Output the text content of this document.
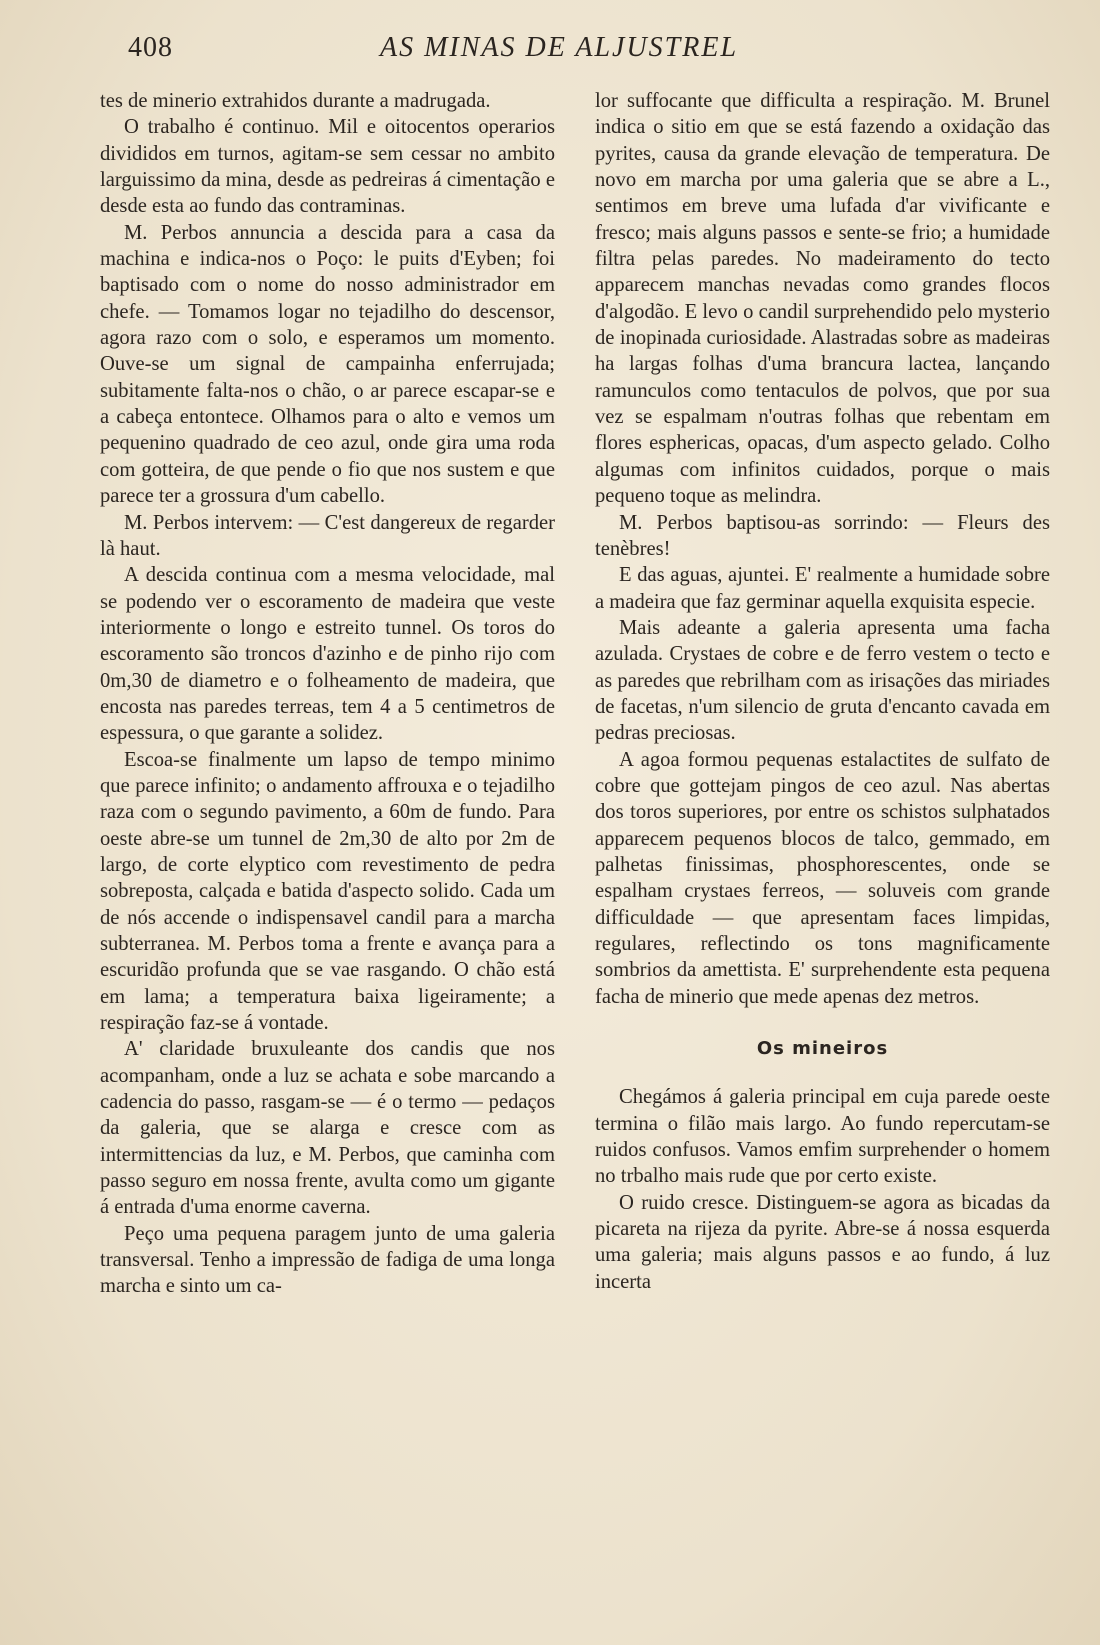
408	AS MINAS DE ALJUSTREL

tes de minerio extrahidos durante a madrugada.

O trabalho é continuo. Mil e oitocentos operarios divididos em turnos, agitam-se sem cessar no ambito larguissimo da mina, desde as pedreiras á cimentação e desde esta ao fundo das contraminas.

M. Perbos annuncia a descida para a casa da machina e indica-nos o Poço: le puits d'Eyben; foi baptisado com o nome do nosso administrador em chefe. — Tomamos logar no tejadilho do descensor, agora razo com o solo, e esperamos um momento. Ouve-se um signal de campainha enferrujada; subitamente falta-nos o chão, o ar parece escapar-se e a cabeça entontece. Olhamos para o alto e vemos um pequenino quadrado de ceo azul, onde gira uma roda com gotteira, de que pende o fio que nos sustem e que parece ter a grossura d'um cabello.

M. Perbos intervem: — C'est dangereux de regarder là haut.

A descida continua com a mesma velocidade, mal se podendo ver o escoramento de madeira que veste interiormente o longo e estreito tunnel. Os toros do escoramento são troncos d'azinho e de pinho rijo com 0m,30 de diametro e o folheamento de madeira, que encosta nas paredes terreas, tem 4 a 5 centimetros de espessura, o que garante a solidez.

Escoa-se finalmente um lapso de tempo minimo que parece infinito; o andamento affrouxa e o tejadilho raza com o segundo pavimento, a 60m de fundo. Para oeste abre-se um tunnel de 2m,30 de alto por 2m de largo, de corte elyptico com revestimento de pedra sobreposta, calçada e batida d'aspecto solido. Cada um de nós accende o indispensavel candil para a marcha subterranea. M. Perbos toma a frente e avança para a escuridão profunda que se vae rasgando. O chão está em lama; a temperatura baixa ligeiramente; a respiração faz-se á vontade.

A' claridade bruxuleante dos candis que nos acompanham, onde a luz se achata e sobe marcando a cadencia do passo, rasgam-se — é o termo — pedaços da galeria, que se alarga e cresce com as intermittencias da luz, e M. Perbos, que caminha com passo seguro em nossa frente, avulta como um gigante á entrada d'uma enorme caverna.

Peço uma pequena paragem junto de uma galeria transversal. Tenho a impressão de fadiga de uma longa marcha e sinto um ca-

lor suffocante que difficulta a respiração. M. Brunel indica o sitio em que se está fazendo a oxidação das pyrites, causa da grande elevação de temperatura. De novo em marcha por uma galeria que se abre a L., sentimos em breve uma lufada d'ar vivificante e fresco; mais alguns passos e sente-se frio; a humidade filtra pelas paredes. No madeiramento do tecto apparecem manchas nevadas como grandes flocos d'algodão. E levo o candil surprehendido pelo mysterio de inopinada curiosidade. Alastradas sobre as madeiras ha largas folhas d'uma brancura lactea, lançando ramunculos como tentaculos de polvos, que por sua vez se espalmam n'outras folhas que rebentam em flores esphericas, opacas, d'um aspecto gelado. Colho algumas com infinitos cuidados, porque o mais pequeno toque as melindra.

M. Perbos baptisou-as sorrindo: — Fleurs des tenèbres!

E das aguas, ajuntei. E' realmente a humidade sobre a madeira que faz germinar aquella exquisita especie.

Mais adeante a galeria apresenta uma facha azulada. Crystaes de cobre e de ferro vestem o tecto e as paredes que rebrilham com as irisações das miriades de facetas, n'um silencio de gruta d'encanto cavada em pedras preciosas.

A agoa formou pequenas estalactites de sulfato de cobre que gottejam pingos de ceo azul. Nas abertas dos toros superiores, por entre os schistos sulphatados apparecem pequenos blocos de talco, gemmado, em palhetas finissimas, phosphorescentes, onde se espalham crystaes ferreos, — soluveis com grande difficuldade — que apresentam faces limpidas, regulares, reflectindo os tons magnificamente sombrios da amettista. E' surprehendente esta pequena facha de minerio que mede apenas dez metros.

Os mineiros

Chegámos á galeria principal em cuja parede oeste termina o filão mais largo. Ao fundo repercutam-se ruidos confusos. Vamos emfim surprehender o homem no trbalho mais rude que por certo existe.

O ruido cresce. Distinguem-se agora as bicadas da picareta na rijeza da pyrite. Abre-se á nossa esquerda uma galeria; mais alguns passos e ao fundo, á luz incerta
